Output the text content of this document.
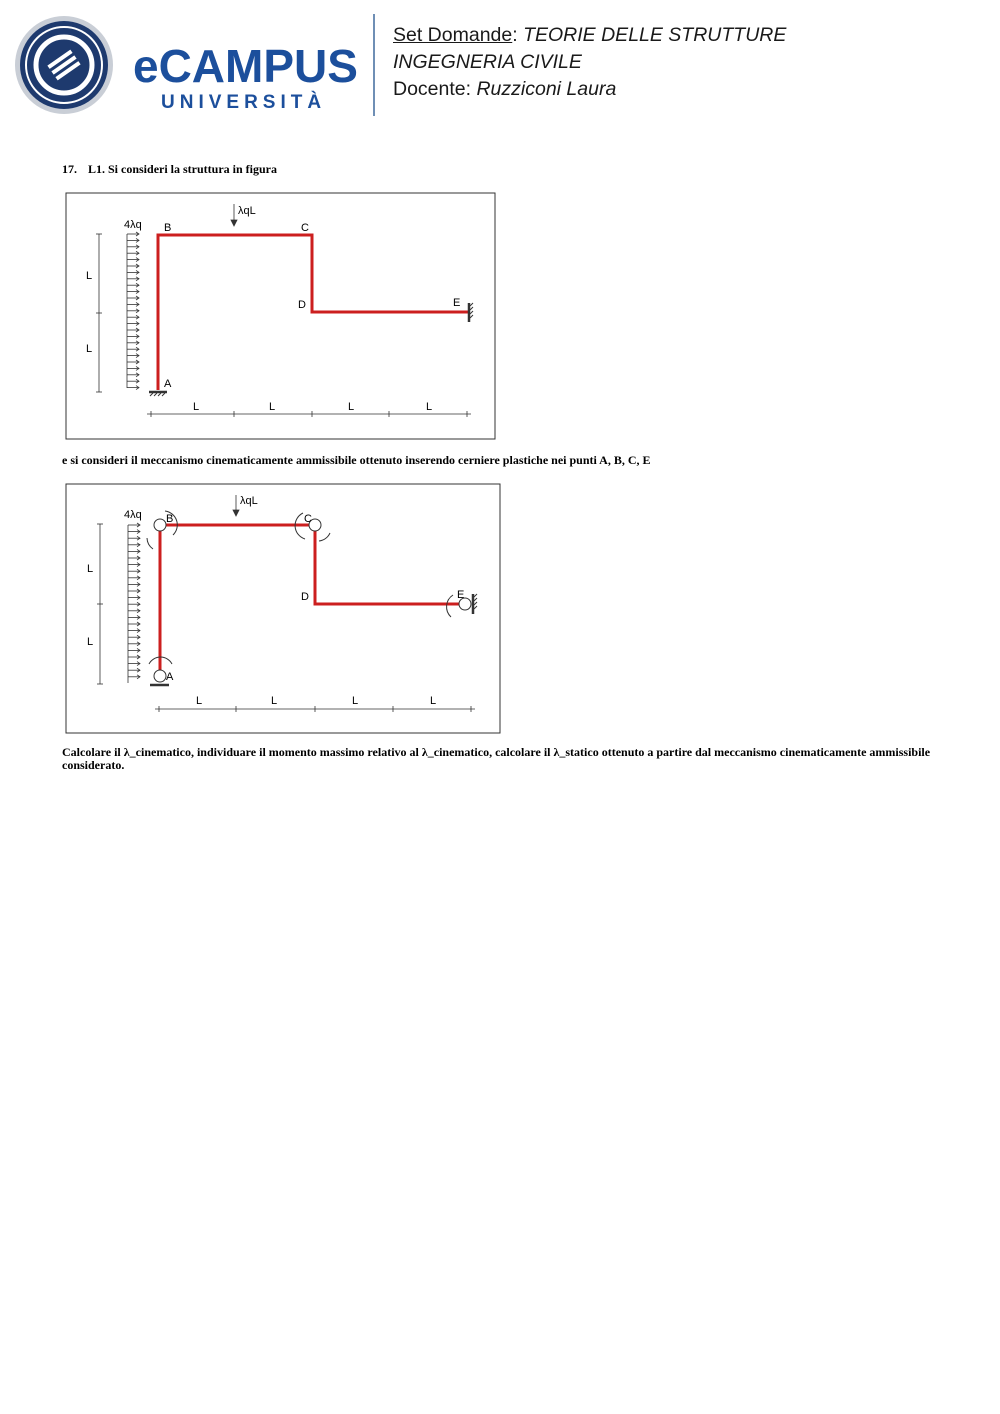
eCAMPUS
UNIVERSITÀ
Set Domande: TEORIE DELLE STRUTTURE
INGEGNERIA CIVILE
Docente: Ruzziconi Laura
17. L1. Si consideri la struttura in figura
4λq
L
L
L	L	L	L
λqL
A
B	C
D	E
e si consideri il meccanismo cinematicamente ammissibile ottenuto inserendo cerniere plastiche nei punti A, B, C, E
4λq
L
L
L	L	L	L
λqL
A
B	C
D	E
Calcolare il λ_cinematico, individuare il momento massimo relativo al λ_cinematico, calcolare il λ_statico ottenuto a partire dal meccanismo cinematicamente ammissibile considerato.
